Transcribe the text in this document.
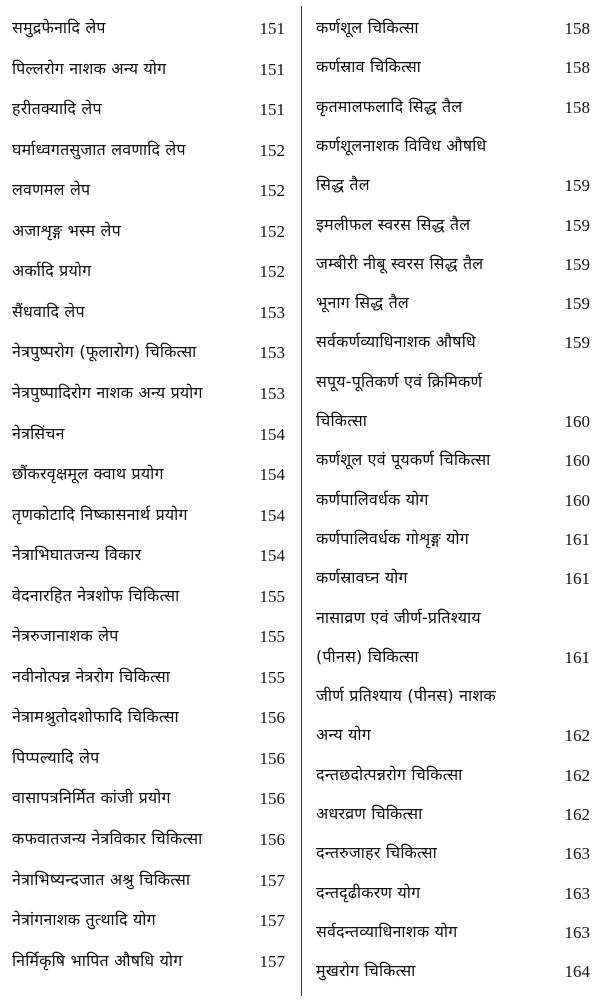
समुद्रफेनादि लेप	151
पिल्लरोग नाशक अन्य योग	151
हरीतक्यादि लेप	151
घर्माध्वगतसुजात लवणादि लेप	152
लवणमल लेप	152
अजाशृङ्ग भस्म लेप	152
अर्कादि प्रयोग	152
सैंधवादि लेप	153
नेत्रपुष्परोग (फूलारोग) चिकित्सा	153
नेत्रपुष्पादिरोग नाशक अन्य प्रयोग	153
नेत्रसिंचन	154
छौंकरवृक्षमूल क्वाथ प्रयोग	154
तृणकोटादि निष्कासनार्थ प्रयोग	154
नेत्राभिघातजन्य विकार	154
वेदनारहित नेत्रशोफ चिकित्सा	155
नेत्ररुजानाशक लेप	155
नवीनोत्पन्न नेत्ररोग चिकित्सा	155
नेत्रामश्रुतोदशोफादि चिकित्सा	156
पिप्पल्यादि लेप	156
वासापत्रनिर्मित कांजी प्रयोग	156
कफवातजन्य नेत्रविकार चिकित्सा	156
नेत्राभिष्यन्दजात अश्रु चिकित्सा	157
नेत्रांगनाशक तुत्थादि योग	157
निर्मिकृषि भापित औषधि योग	157
कर्णशूल चिकित्सा	158
कर्णस्राव चिकित्सा	158
कृतमालफलादि सिद्ध तैल	158
कर्णशूलनाशक विविध औषधि
सिद्ध तैल	159
इमलीफल स्वरस सिद्ध तैल	159
जम्बीरी नीबू स्वरस सिद्ध तैल	159
भूनाग सिद्ध तैल	159
सर्वकर्णव्याधिनाशक औषधि	159
सपूय-पूतिकर्ण एवं क्रिमिकर्ण
चिकित्सा	160
कर्णशूल एवं पूयकर्ण चिकित्सा	160
कर्णपालिवर्धक योग	160
कर्णपालिवर्धक गोशृङ्ग योग	161
कर्णस्रावघ्न योग	161
नासाव्रण एवं जीर्ण-प्रतिश्याय
(पीनस) चिकित्सा	161
जीर्ण प्रतिश्याय (पीनस) नाशक
अन्य योग	162
दन्तछदोत्पन्नरोग चिकित्सा	162
अधरव्रण चिकित्सा	162
दन्तरुजाहर चिकित्सा	163
दन्तदृढीकरण योग	163
सर्वदन्तव्याधिनाशक योग	163
मुखरोग चिकित्सा	164
